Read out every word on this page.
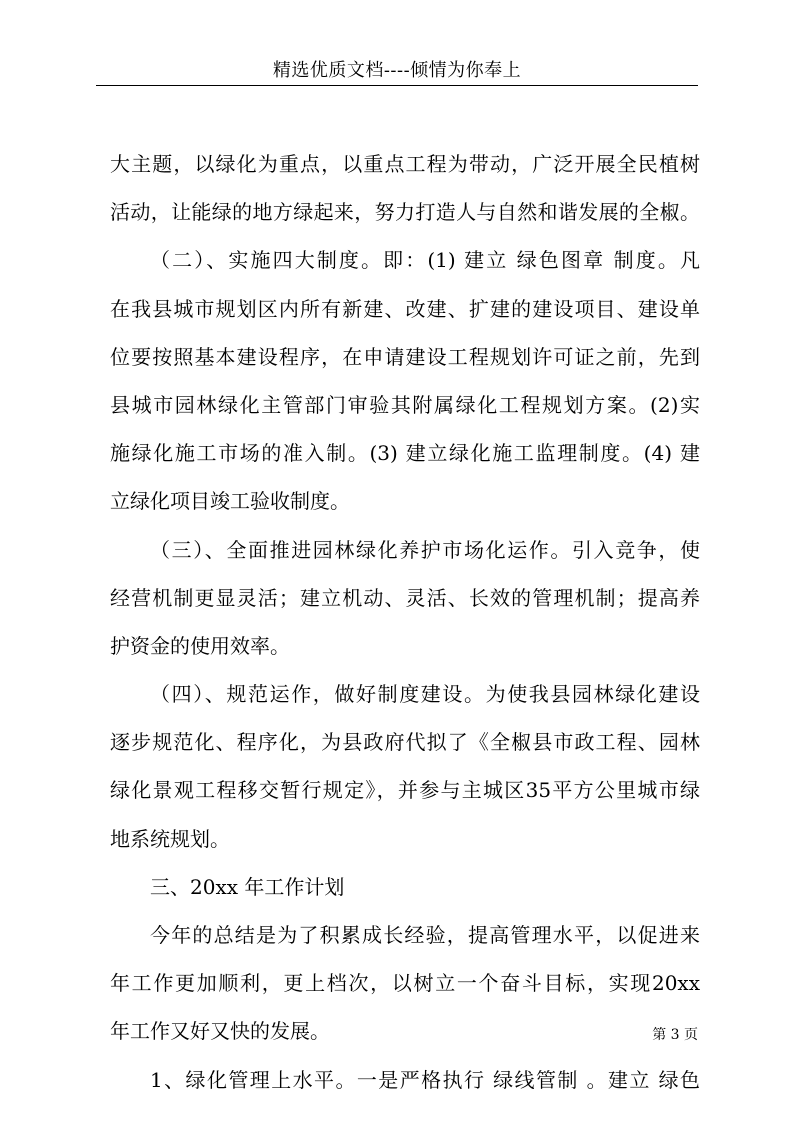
精选优质文档----倾情为你奉上
大主题，以绿化为重点，以重点工程为带动，广泛开展全民植树
活动，让能绿的地方绿起来，努力打造人与自然和谐发展的全椒。
（二）、实施四大制度。即：(1) 建立 绿色图章 制度。凡
在我县城市规划区内所有新建、改建、扩建的建设项目、建设单
位要按照基本建设程序，在申请建设工程规划许可证之前，先到
县城市园林绿化主管部门审验其附属绿化工程规划方案。(2)实
施绿化施工市场的准入制。(3) 建立绿化施工监理制度。(4) 建
立绿化项目竣工验收制度。
（三）、全面推进园林绿化养护市场化运作。引入竞争，使
经营机制更显灵活；建立机动、灵活、长效的管理机制；提高养
护资金的使用效率。
（四）、规范运作，做好制度建设。为使我县园林绿化建设
逐步规范化、程序化，为县政府代拟了《全椒县市政工程、园林
绿化景观工程移交暂行规定》，并参与主城区35平方公里城市绿
地系统规划。
三、20xx 年工作计划
今年的总结是为了积累成长经验，提高管理水平，以促进来
年工作更加顺利，更上档次，以树立一个奋斗目标，实现20xx
年工作又好又快的发展。
1、绿化管理上水平。一是严格执行 绿线管制 。建立 绿色
第 3 页
